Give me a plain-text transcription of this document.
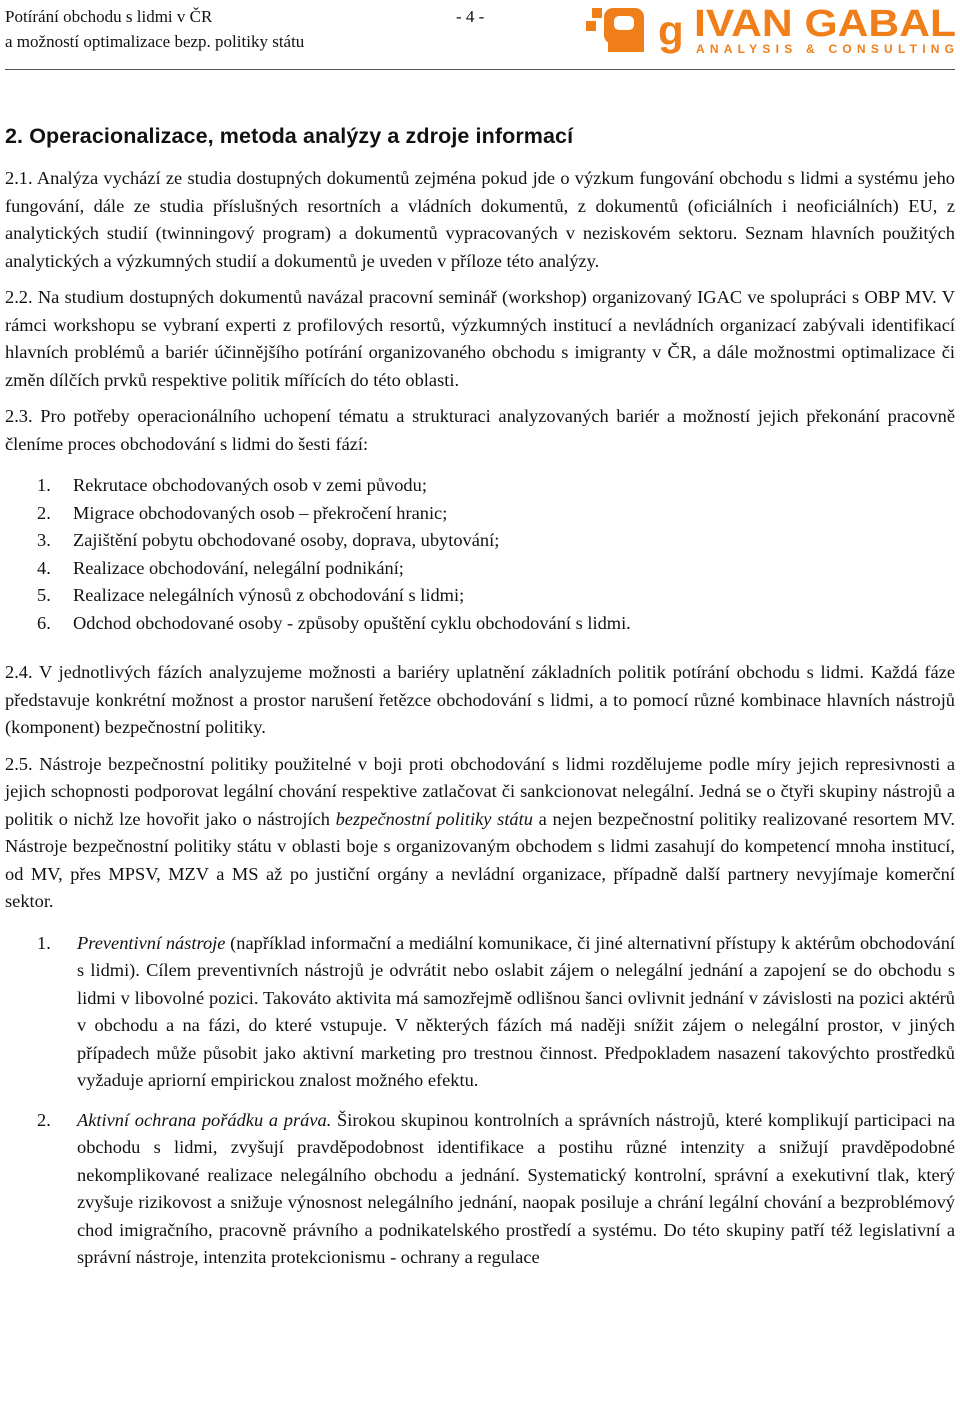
Potírání obchodu s lidmi v ČR
a možností optimalizace bezp. politiky státu
- 4 -	g IVAN GABAL
ANALYSIS & CONSULTING
2. Operacionalizace, metoda analýzy a zdroje informací

2.1. Analýza vychází ze studia dostupných dokumentů zejména pokud jde o výzkum fungování obchodu s lidmi a systému jeho fungování, dále ze studia příslušných resortních a vládních dokumentů, z dokumentů (oficiálních i neoficiálních) EU, z analytických studií (twinningový program) a dokumentů vypracovaných v neziskovém sektoru. Seznam hlavních použitých analytických a výzkumných studií a dokumentů je uveden v příloze této analýzy.

2.2. Na studium dostupných dokumentů navázal pracovní seminář (workshop) organizovaný IGAC ve spolupráci s OBP MV. V rámci workshopu se vybraní experti z profilových resortů, výzkumných institucí a nevládních organizací zabývali identifikací hlavních problémů a bariér účinnějšího potírání organizovaného obchodu s imigranty v ČR, a dále možnostmi optimalizace či změn dílčích prvků respektive politik mířících do této oblasti.

2.3. Pro potřeby operacionálního uchopení tématu a strukturaci analyzovaných bariér a možností jejich překonání pracovně členíme proces obchodování s lidmi do šesti fází:

1.	Rekrutace obchodovaných osob v zemi původu;
2.	Migrace obchodovaných osob – překročení hranic;
3.	Zajištění pobytu obchodované osoby, doprava, ubytování;
4.	Realizace obchodování, nelegální podnikání;
5.	Realizace nelegálních výnosů z obchodování s lidmi;
6.	Odchod obchodované osoby - způsoby opuštění cyklu obchodování s lidmi.

2.4. V jednotlivých fázích analyzujeme možnosti a bariéry uplatnění základních politik potírání obchodu s lidmi. Každá fáze představuje konkrétní možnost a prostor narušení řetězce obchodování s lidmi, a to pomocí různé kombinace hlavních nástrojů (komponent) bezpečnostní politiky.

2.5. Nástroje bezpečnostní politiky použitelné v boji proti obchodování s lidmi rozdělujeme podle míry jejich represivnosti a jejich schopnosti podporovat legální chování respektive zatlačovat či sankcionovat nelegální. Jedná se o čtyři skupiny nástrojů a politik o nichž lze hovořit jako o nástrojích bezpečnostní politiky státu a nejen bezpečnostní politiky realizované resortem MV. Nástroje bezpečnostní politiky státu v oblasti boje s organizovaným obchodem s lidmi zasahují do kompetencí mnoha institucí, od MV, přes MPSV, MZV a MS až po justiční orgány a nevládní organizace, případně další partnery nevyjímaje komerční sektor.

1.	Preventivní nástroje (například informační a mediální komunikace, či jiné alternativní přístupy k aktérům obchodování s lidmi). Cílem preventivních nástrojů je odvrátit nebo oslabit zájem o nelegální jednání a zapojení se do obchodu s lidmi v libovolné pozici. Takováto aktivita má samozřejmě odlišnou šanci ovlivnit jednání v závislosti na pozici aktérů v obchodu a na fázi, do které vstupuje. V některých fázích má naději snížit zájem o nelegální prostor, v jiných případech může působit jako aktivní marketing pro trestnou činnost. Předpokladem nasazení takovýchto prostředků vyžaduje apriorní empirickou znalost možného efektu.
2.	Aktivní ochrana pořádku a práva. Širokou skupinou kontrolních a správních nástrojů, které komplikují participaci na obchodu s lidmi, zvyšují pravděpodobnost identifikace a postihu různé intenzity a snižují pravděpodobné nekomplikované realizace nelegálního obchodu a jednání. Systematický kontrolní, správní a exekutivní tlak, který zvyšuje rizikovost a snižuje výnosnost nelegálního jednání, naopak posiluje a chrání legální chování a bezproblémový chod imigračního, pracovně právního a podnikatelského prostředí a systému. Do této skupiny patří též legislativní a správní nástroje, intenzita protekcionismu - ochrany a regulace
